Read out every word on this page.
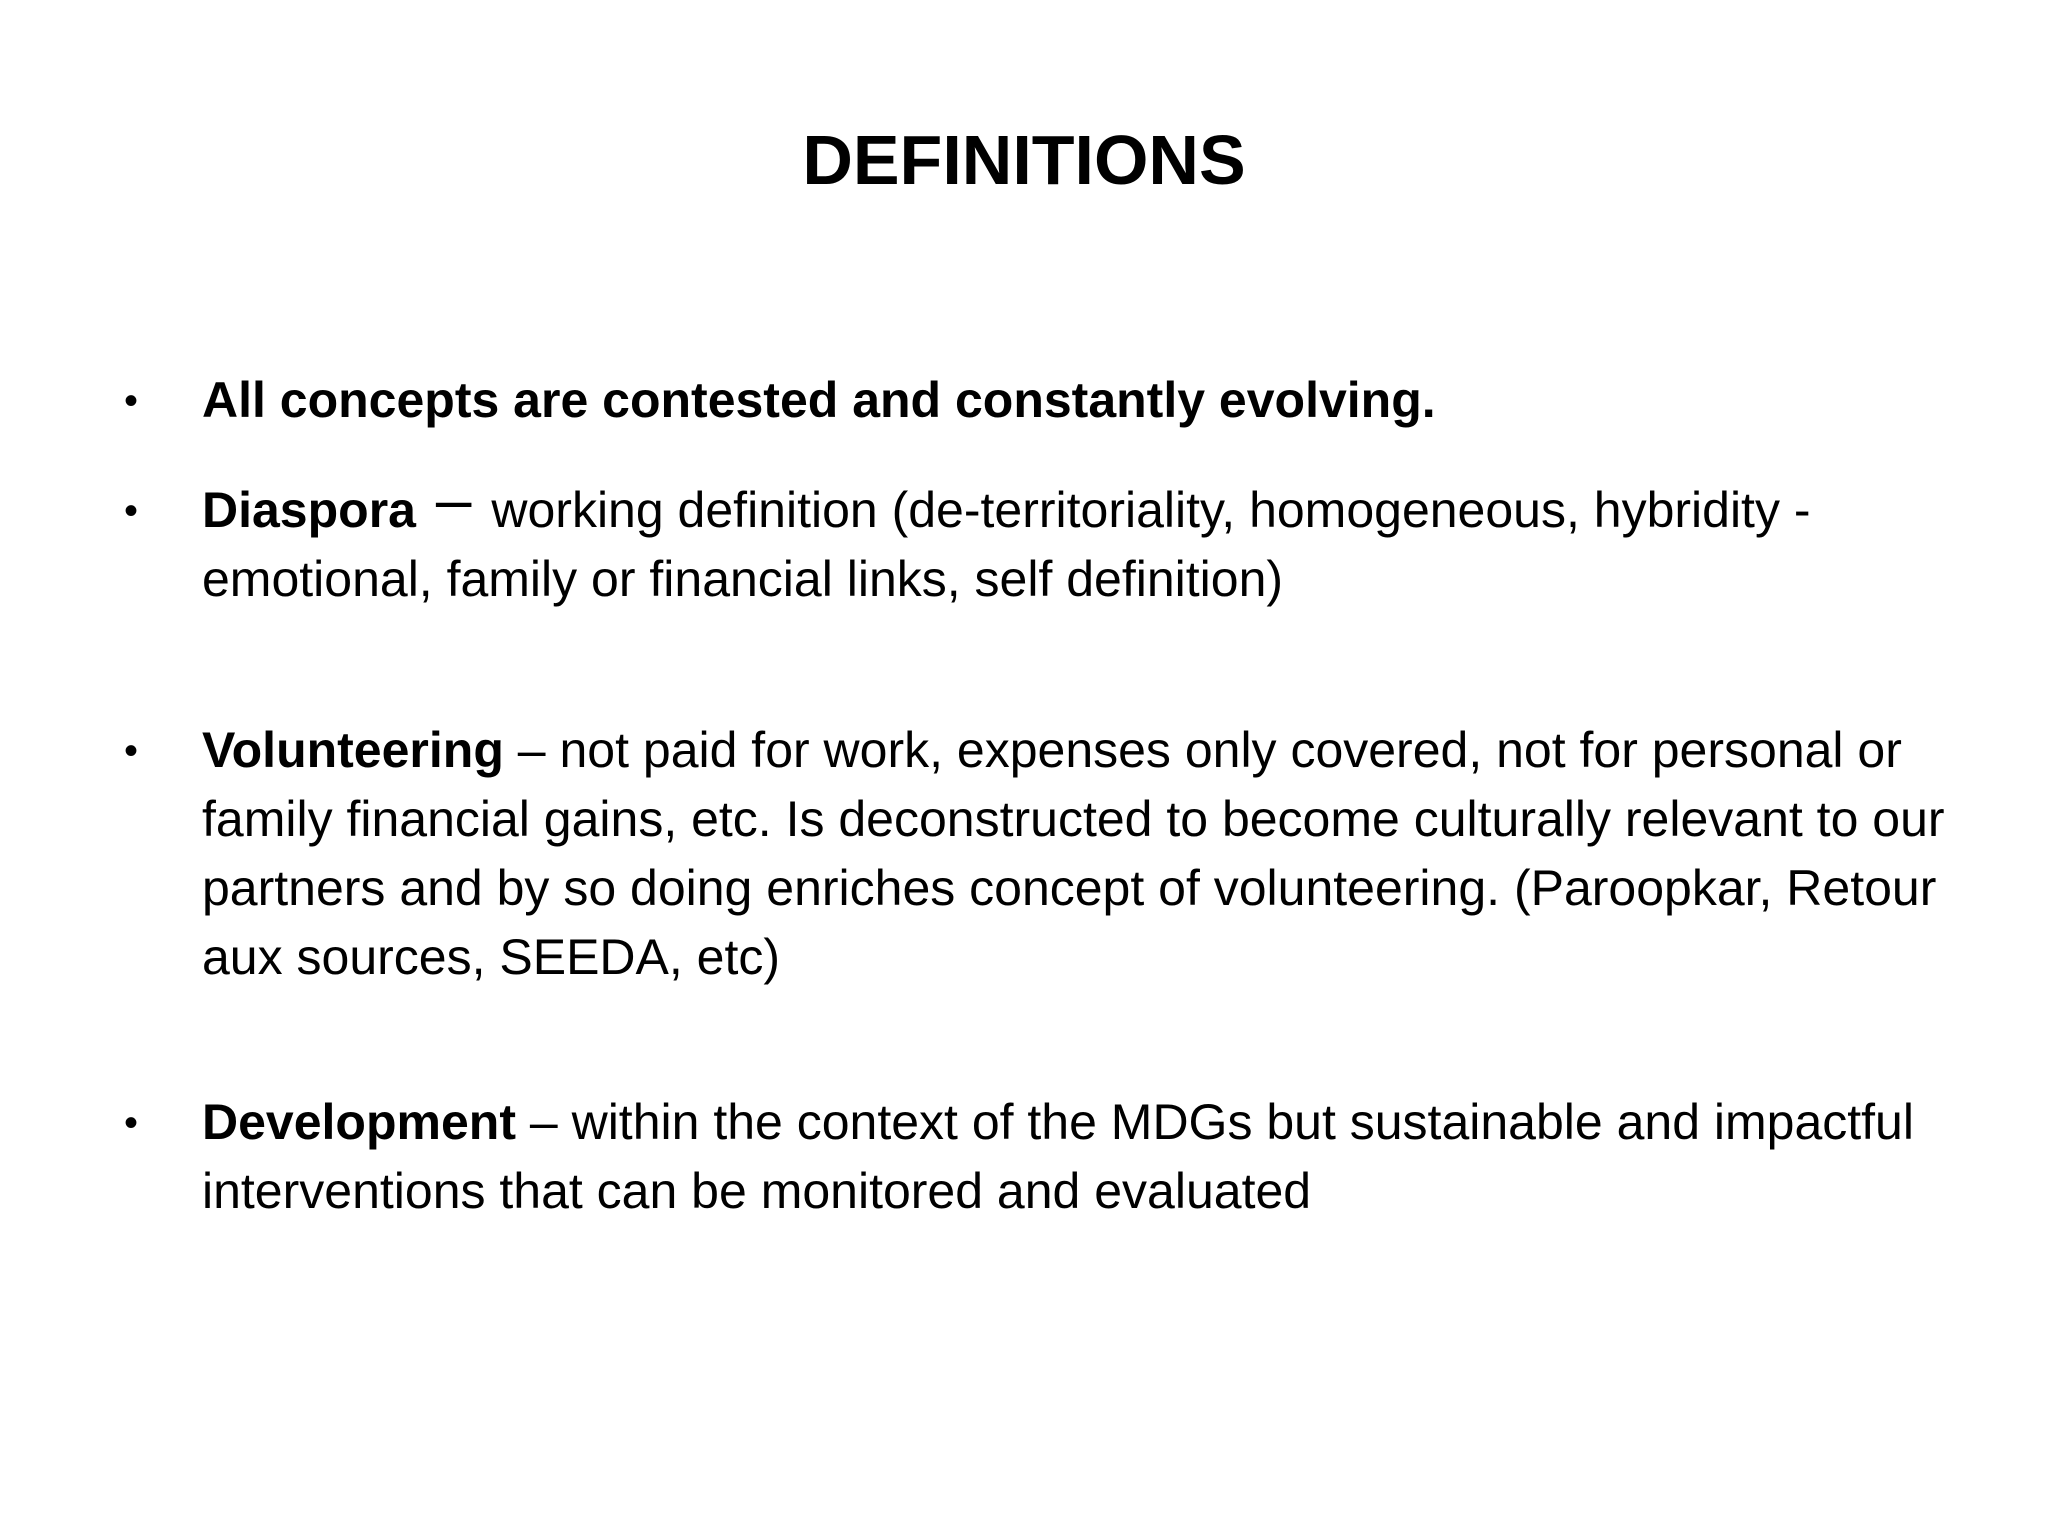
DEFINITIONS
• All concepts are contested and constantly evolving.
• Diaspora – working definition (de-territoriality, homogeneous, hybridity - emotional, family or financial links, self definition)
• Volunteering – not paid for work, expenses only covered, not for personal or family financial gains, etc. Is deconstructed to become culturally relevant to our partners and by so doing enriches concept of volunteering. (Paroopkar, Retour aux sources, SEEDA, etc)
• Development – within the context of the MDGs but sustainable and impactful interventions that can be monitored and evaluated
